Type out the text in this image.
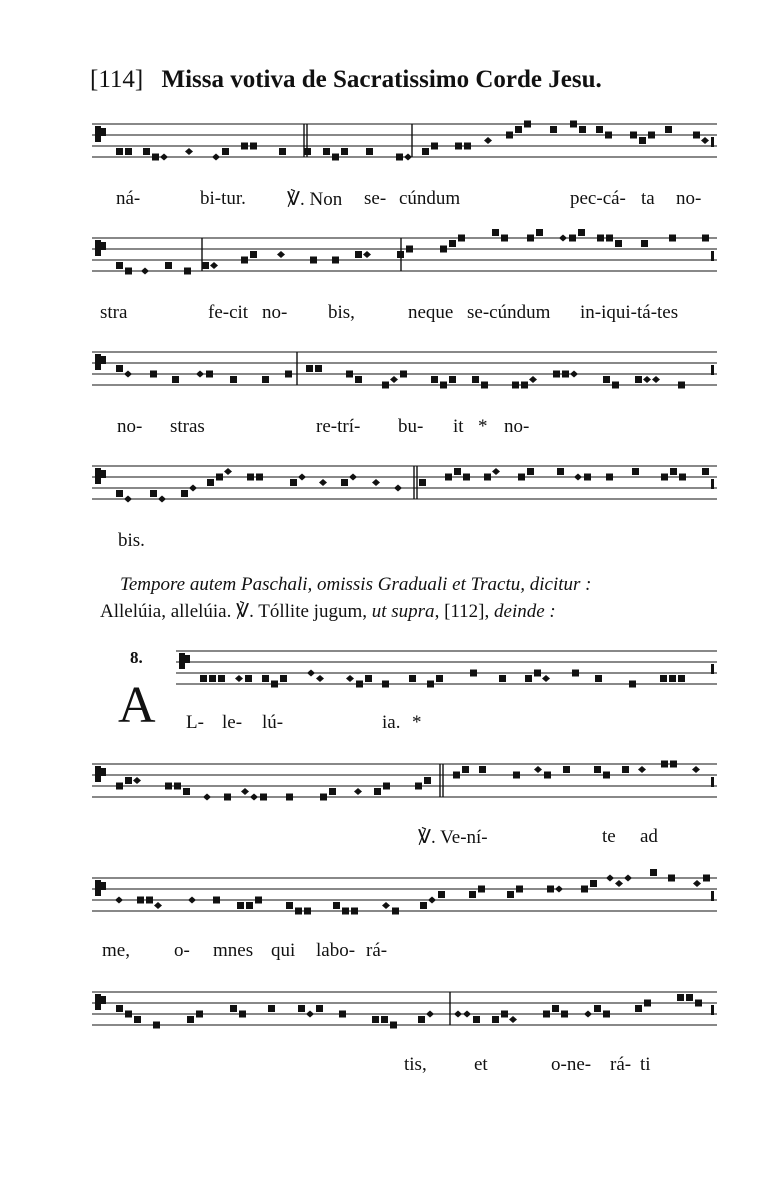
[114] Missa votiva de Sacratissimo Corde Jesu.
ná-	bi-tur. ℣. Non se- cúndum	pec-cá- ta no-
stra	fe-cit no- bis,	neque se-cúndum in-iqui-tá-tes
no- stras	re-trí- bu- it * no-
bis.
L- le- lú-	ia. *
℣. Ve-ní-	te ad
me, o- mnes qui labo- rá-
tis, et	o-ne- rá- ti
Tempore autem Paschali, omissis Graduali et Tractu, dicitur :
Allelúia, allelúia. ℣. Tóllite jugum, ut supra, [112], deinde :
8.
A
